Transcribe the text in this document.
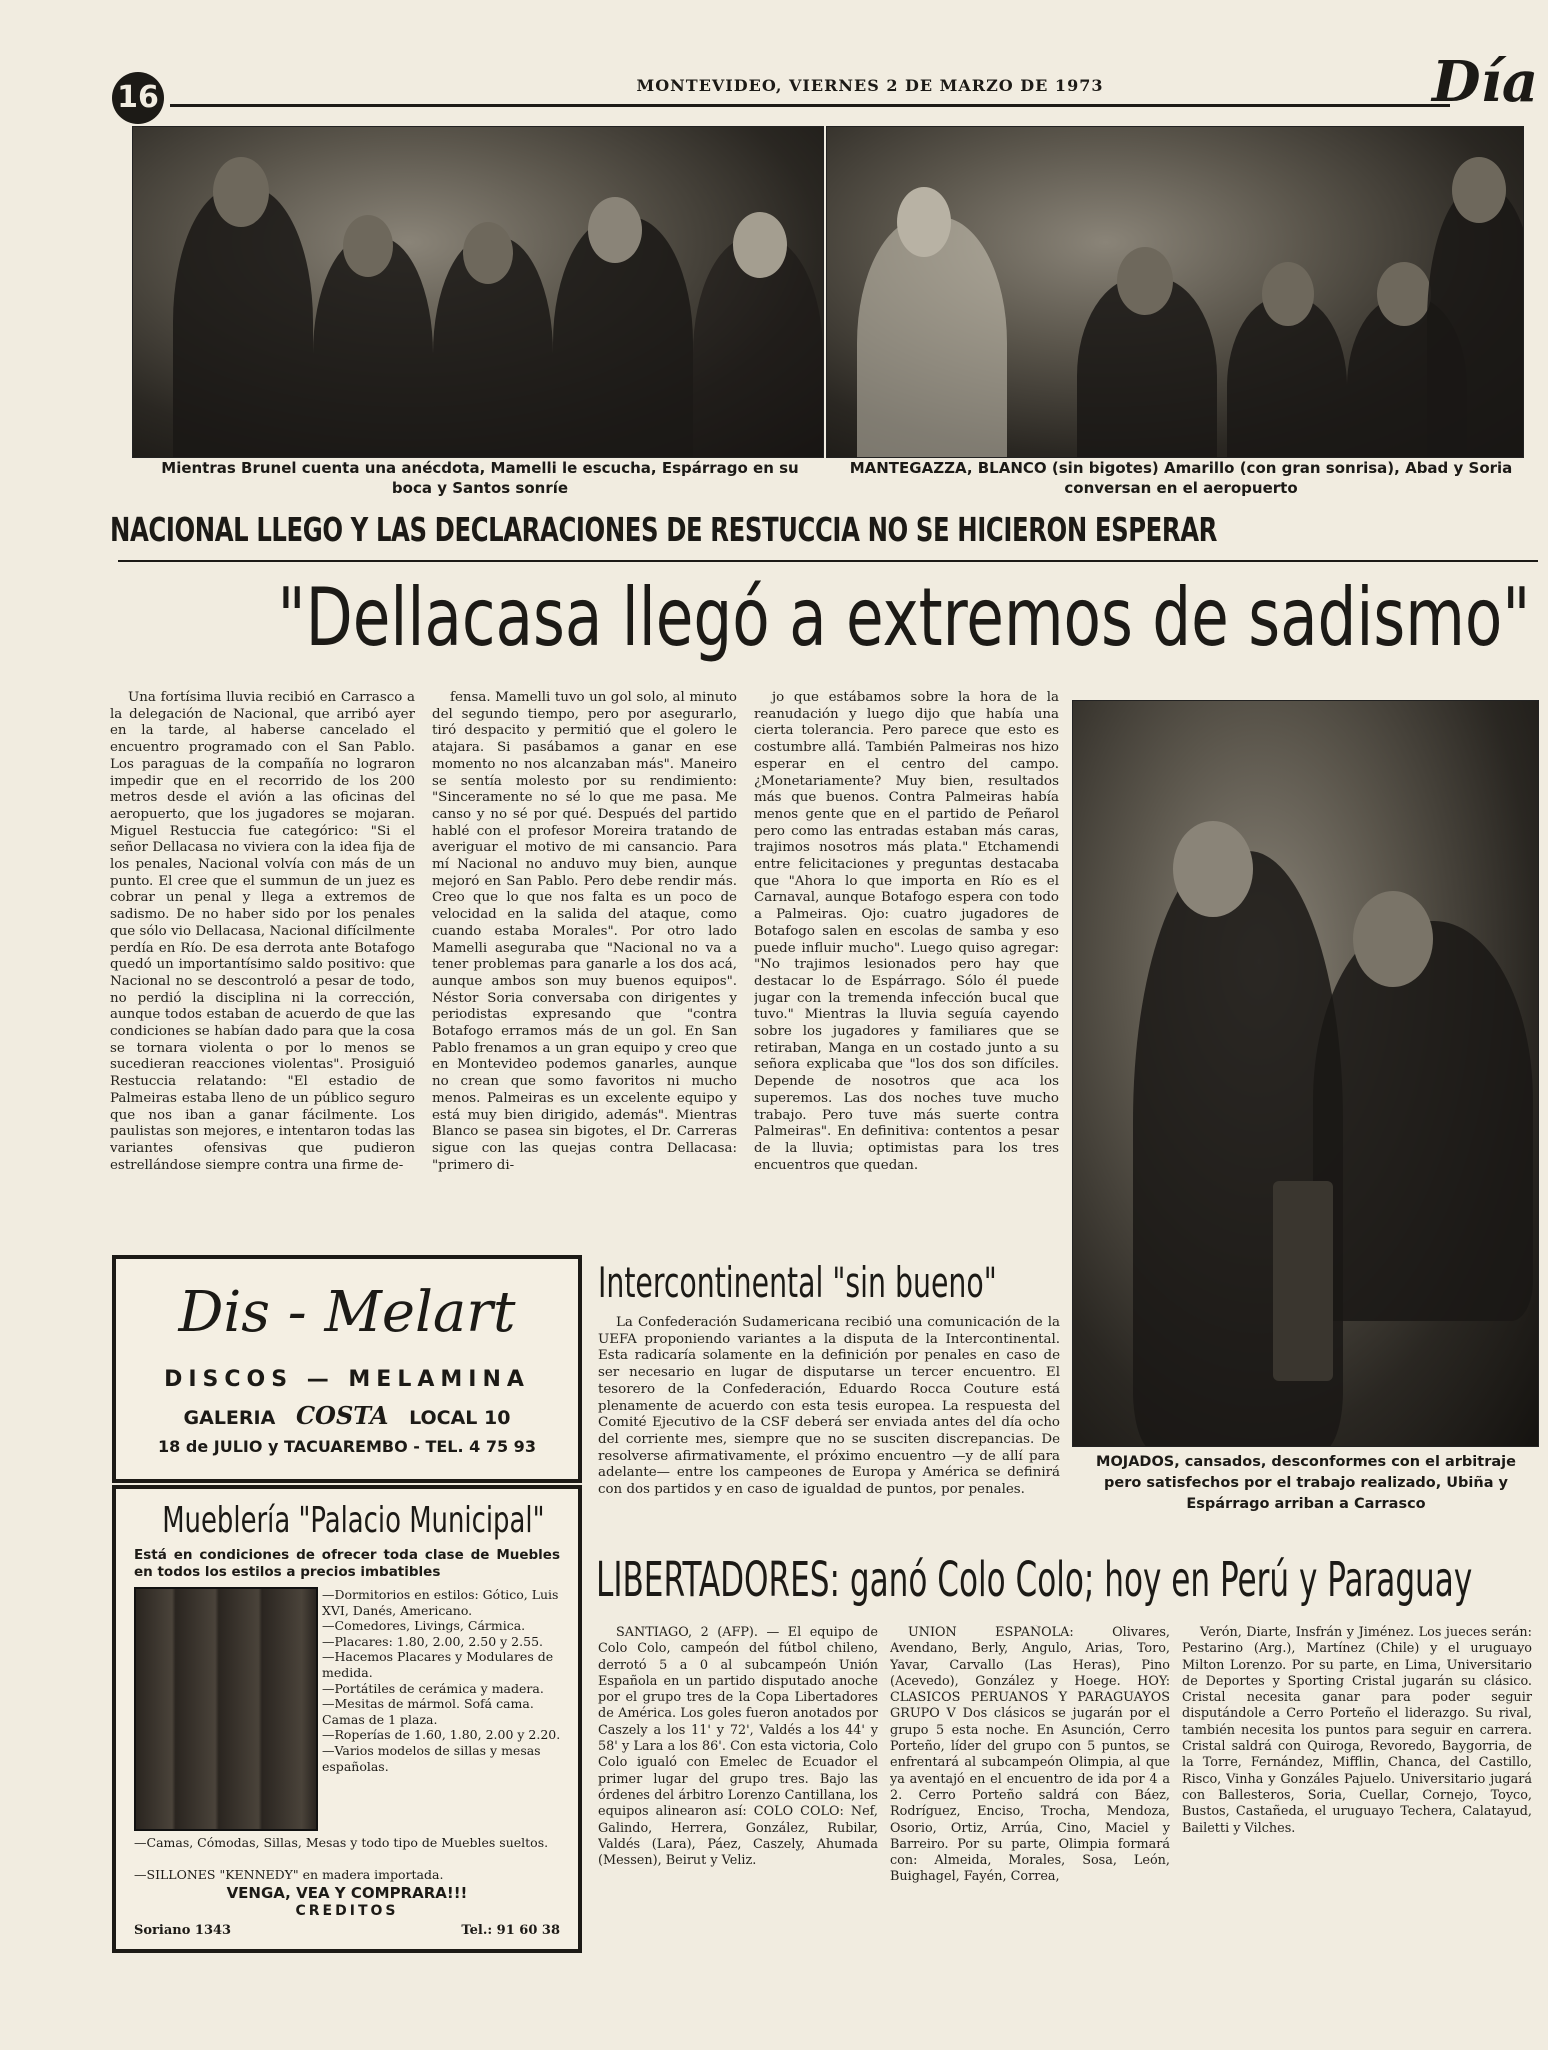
16	MONTEVIDEO, VIERNES 2 DE MARZO DE 1973	Día
Mientras Brunel cuenta una anécdota, Mamelli le escucha, Espárrago en su boca y Santos sonríe
MANTEGAZZA, BLANCO (sin bigotes) Amarillo (con gran sonrisa), Abad y Soria conversan en el aeropuerto
NACIONAL LLEGO Y LAS DECLARACIONES DE RESTUCCIA NO SE HICIERON ESPERAR
"Dellacasa llegó a extremos de sadismo"

Una fortísima lluvia recibió en Carrasco a la delegación de Nacional, que arribó ayer en la tarde, al haberse cancelado el encuentro programado con el San Pablo. Los paraguas de la compañía no lograron impedir que en el recorrido de los 200 metros desde el avión a las oficinas del aeropuerto, que los jugadores se mojaran. Miguel Restuccia fue categórico: "Si el señor Dellacasa no viviera con la idea fija de los penales, Nacional volvía con más de un punto. El cree que el summun de un juez es cobrar un penal y llega a extremos de sadismo. De no haber sido por los penales que sólo vio Dellacasa, Nacional difícilmente perdía en Río. De esa derrota ante Botafogo quedó un importantísimo saldo positivo: que Nacional no se descontroló a pesar de todo, no perdió la disciplina ni la corrección, aunque todos estaban de acuerdo de que las condiciones se habían dado para que la cosa se tornara violenta o por lo menos se sucedieran reacciones violentas". Prosiguió Restuccia relatando: "El estadio de Palmeiras estaba lleno de un público seguro que nos iban a ganar fácilmente. Los paulistas son mejores, e intentaron todas las variantes ofensivas que pudieron estrellándose siempre contra una firme de-

fensa. Mamelli tuvo un gol solo, al minuto del segundo tiempo, pero por asegurarlo, tiró despacito y permitió que el golero le atajara. Si pasábamos a ganar en ese momento no nos alcanzaban más". Maneiro se sentía molesto por su rendimiento: "Sinceramente no sé lo que me pasa. Me canso y no sé por qué. Después del partido hablé con el profesor Moreira tratando de averiguar el motivo de mi cansancio. Para mí Nacional no anduvo muy bien, aunque mejoró en San Pablo. Pero debe rendir más. Creo que lo que nos falta es un poco de velocidad en la salida del ataque, como cuando estaba Morales". Por otro lado Mamelli aseguraba que "Nacional no va a tener problemas para ganarle a los dos acá, aunque ambos son muy buenos equipos". Néstor Soria conversaba con dirigentes y periodistas expresando que "contra Botafogo erramos más de un gol. En San Pablo frenamos a un gran equipo y creo que en Montevideo podemos ganarles, aunque no crean que somo favoritos ni mucho menos. Palmeiras es un excelente equipo y está muy bien dirigido, además". Mientras Blanco se pasea sin bigotes, el Dr. Carreras sigue con las quejas contra Dellacasa: "primero di-

jo que estábamos sobre la hora de la reanudación y luego dijo que había una cierta tolerancia. Pero parece que esto es costumbre allá. También Palmeiras nos hizo esperar en el centro del campo. ¿Monetariamente? Muy bien, resultados más que buenos. Contra Palmeiras había menos gente que en el partido de Peñarol pero como las entradas estaban más caras, trajimos nosotros más plata." Etchamendi entre felicitaciones y preguntas destacaba que "Ahora lo que importa en Río es el Carnaval, aunque Botafogo espera con todo a Palmeiras. Ojo: cuatro jugadores de Botafogo salen en escolas de samba y eso puede influir mucho". Luego quiso agregar: "No trajimos lesionados pero hay que destacar lo de Espárrago. Sólo él puede jugar con la tremenda infección bucal que tuvo." Mientras la lluvia seguía cayendo sobre los jugadores y familiares que se retiraban, Manga en un costado junto a su señora explicaba que "los dos son difíciles. Depende de nosotros que aca los superemos. Las dos noches tuve mucho trabajo. Pero tuve más suerte contra Palmeiras". En definitiva: contentos a pesar de la lluvia; optimistas para los tres encuentros que quedan.

MOJADOS, cansados, desconformes con el arbitraje pero satisfechos por el trabajo realizado, Ubiña y Espárrago arriban a Carrasco
Dis - Melart
DISCOS — MELAMINA
GALERIA COSTA LOCAL 10
18 de JULIO y TACUAREMBO - TEL. 4 75 93
Mueblería "Palacio Municipal"
Está en condiciones de ofrecer toda clase de Muebles en todos los estilos a precios imbatibles
—Dormitorios en estilos: Gótico, Luis XVI, Danés, Americano.
—Comedores, Livings, Cármica.
—Placares: 1.80, 2.00, 2.50 y 2.55.
—Hacemos Placares y Modulares de medida.
—Portátiles de cerámica y madera.
—Mesitas de mármol. Sofá cama. Camas de 1 plaza.
—Roperías de 1.60, 1.80, 2.00 y 2.20.
—Varios modelos de sillas y mesas españolas.
—Camas, Cómodas, Sillas, Mesas y todo tipo de Muebles sueltos.
—SILLONES "KENNEDY" en madera importada.
VENGA, VEA Y COMPRARA!!!
CREDITOS
Soriano 1343	Tel.: 91 60 38
Intercontinental "sin bueno"

La Confederación Sudamericana recibió una comunicación de la UEFA proponiendo variantes a la disputa de la Intercontinental. Esta radicaría solamente en la definición por penales en caso de ser necesario en lugar de disputarse un tercer encuentro. El tesorero de la Confederación, Eduardo Rocca Couture está plenamente de acuerdo con esta tesis europea. La respuesta del Comité Ejecutivo de la CSF deberá ser enviada antes del día ocho del corriente mes, siempre que no se susciten discrepancias. De resolverse afirmativamente, el próximo encuentro —y de allí para adelante— entre los campeones de Europa y América se definirá con dos partidos y en caso de igualdad de puntos, por penales.

LIBERTADORES: ganó Colo Colo; hoy en Perú y Paraguay

SANTIAGO, 2 (AFP). — El equipo de Colo Colo, campeón del fútbol chileno, derrotó 5 a 0 al subcampeón Unión Española en un partido disputado anoche por el grupo tres de la Copa Libertadores de América. Los goles fueron anotados por Caszely a los 11' y 72', Valdés a los 44' y 58' y Lara a los 86'. Con esta victoria, Colo Colo igualó con Emelec de Ecuador el primer lugar del grupo tres. Bajo las órdenes del árbitro Lorenzo Cantillana, los equipos alinearon así: COLO COLO: Nef, Galindo, Herrera, González, Rubilar, Valdés (Lara), Páez, Caszely, Ahumada (Messen), Beirut y Veliz.

UNION ESPAÑOLA: Olivares, Avendano, Berly, Angulo, Arias, Toro, Yavar, Carvallo (Las Heras), Pino (Acevedo), González y Hoege. HOY: CLASICOS PERUANOS Y PARAGUAYOS GRUPO V Dos clásicos se jugarán por el grupo 5 esta noche. En Asunción, Cerro Porteño, líder del grupo con 5 puntos, se enfrentará al subcampeón Olimpia, al que ya aventajó en el encuentro de ida por 4 a 2. Cerro Porteño saldrá con Báez, Rodríguez, Enciso, Trocha, Mendoza, Osorio, Ortiz, Arrúa, Cino, Maciel y Barreiro. Por su parte, Olimpia formará con: Almeida, Morales, Sosa, León, Buighagel, Fayén, Correa,

Verón, Diarte, Insfrán y Jiménez. Los jueces serán: Pestarino (Arg.), Martínez (Chile) y el uruguayo Milton Lorenzo. Por su parte, en Lima, Universitario de Deportes y Sporting Cristal jugarán su clásico. Cristal necesita ganar para poder seguir disputándole a Cerro Porteño el liderazgo. Su rival, también necesita los puntos para seguir en carrera. Cristal saldrá con Quiroga, Revoredo, Baygorria, de la Torre, Fernández, Mifflin, Chanca, del Castillo, Risco, Vinha y Gonzáles Pajuelo. Universitario jugará con Ballesteros, Soria, Cuellar, Cornejo, Toyco, Bustos, Castañeda, el uruguayo Techera, Calatayud, Bailetti y Vilches.
